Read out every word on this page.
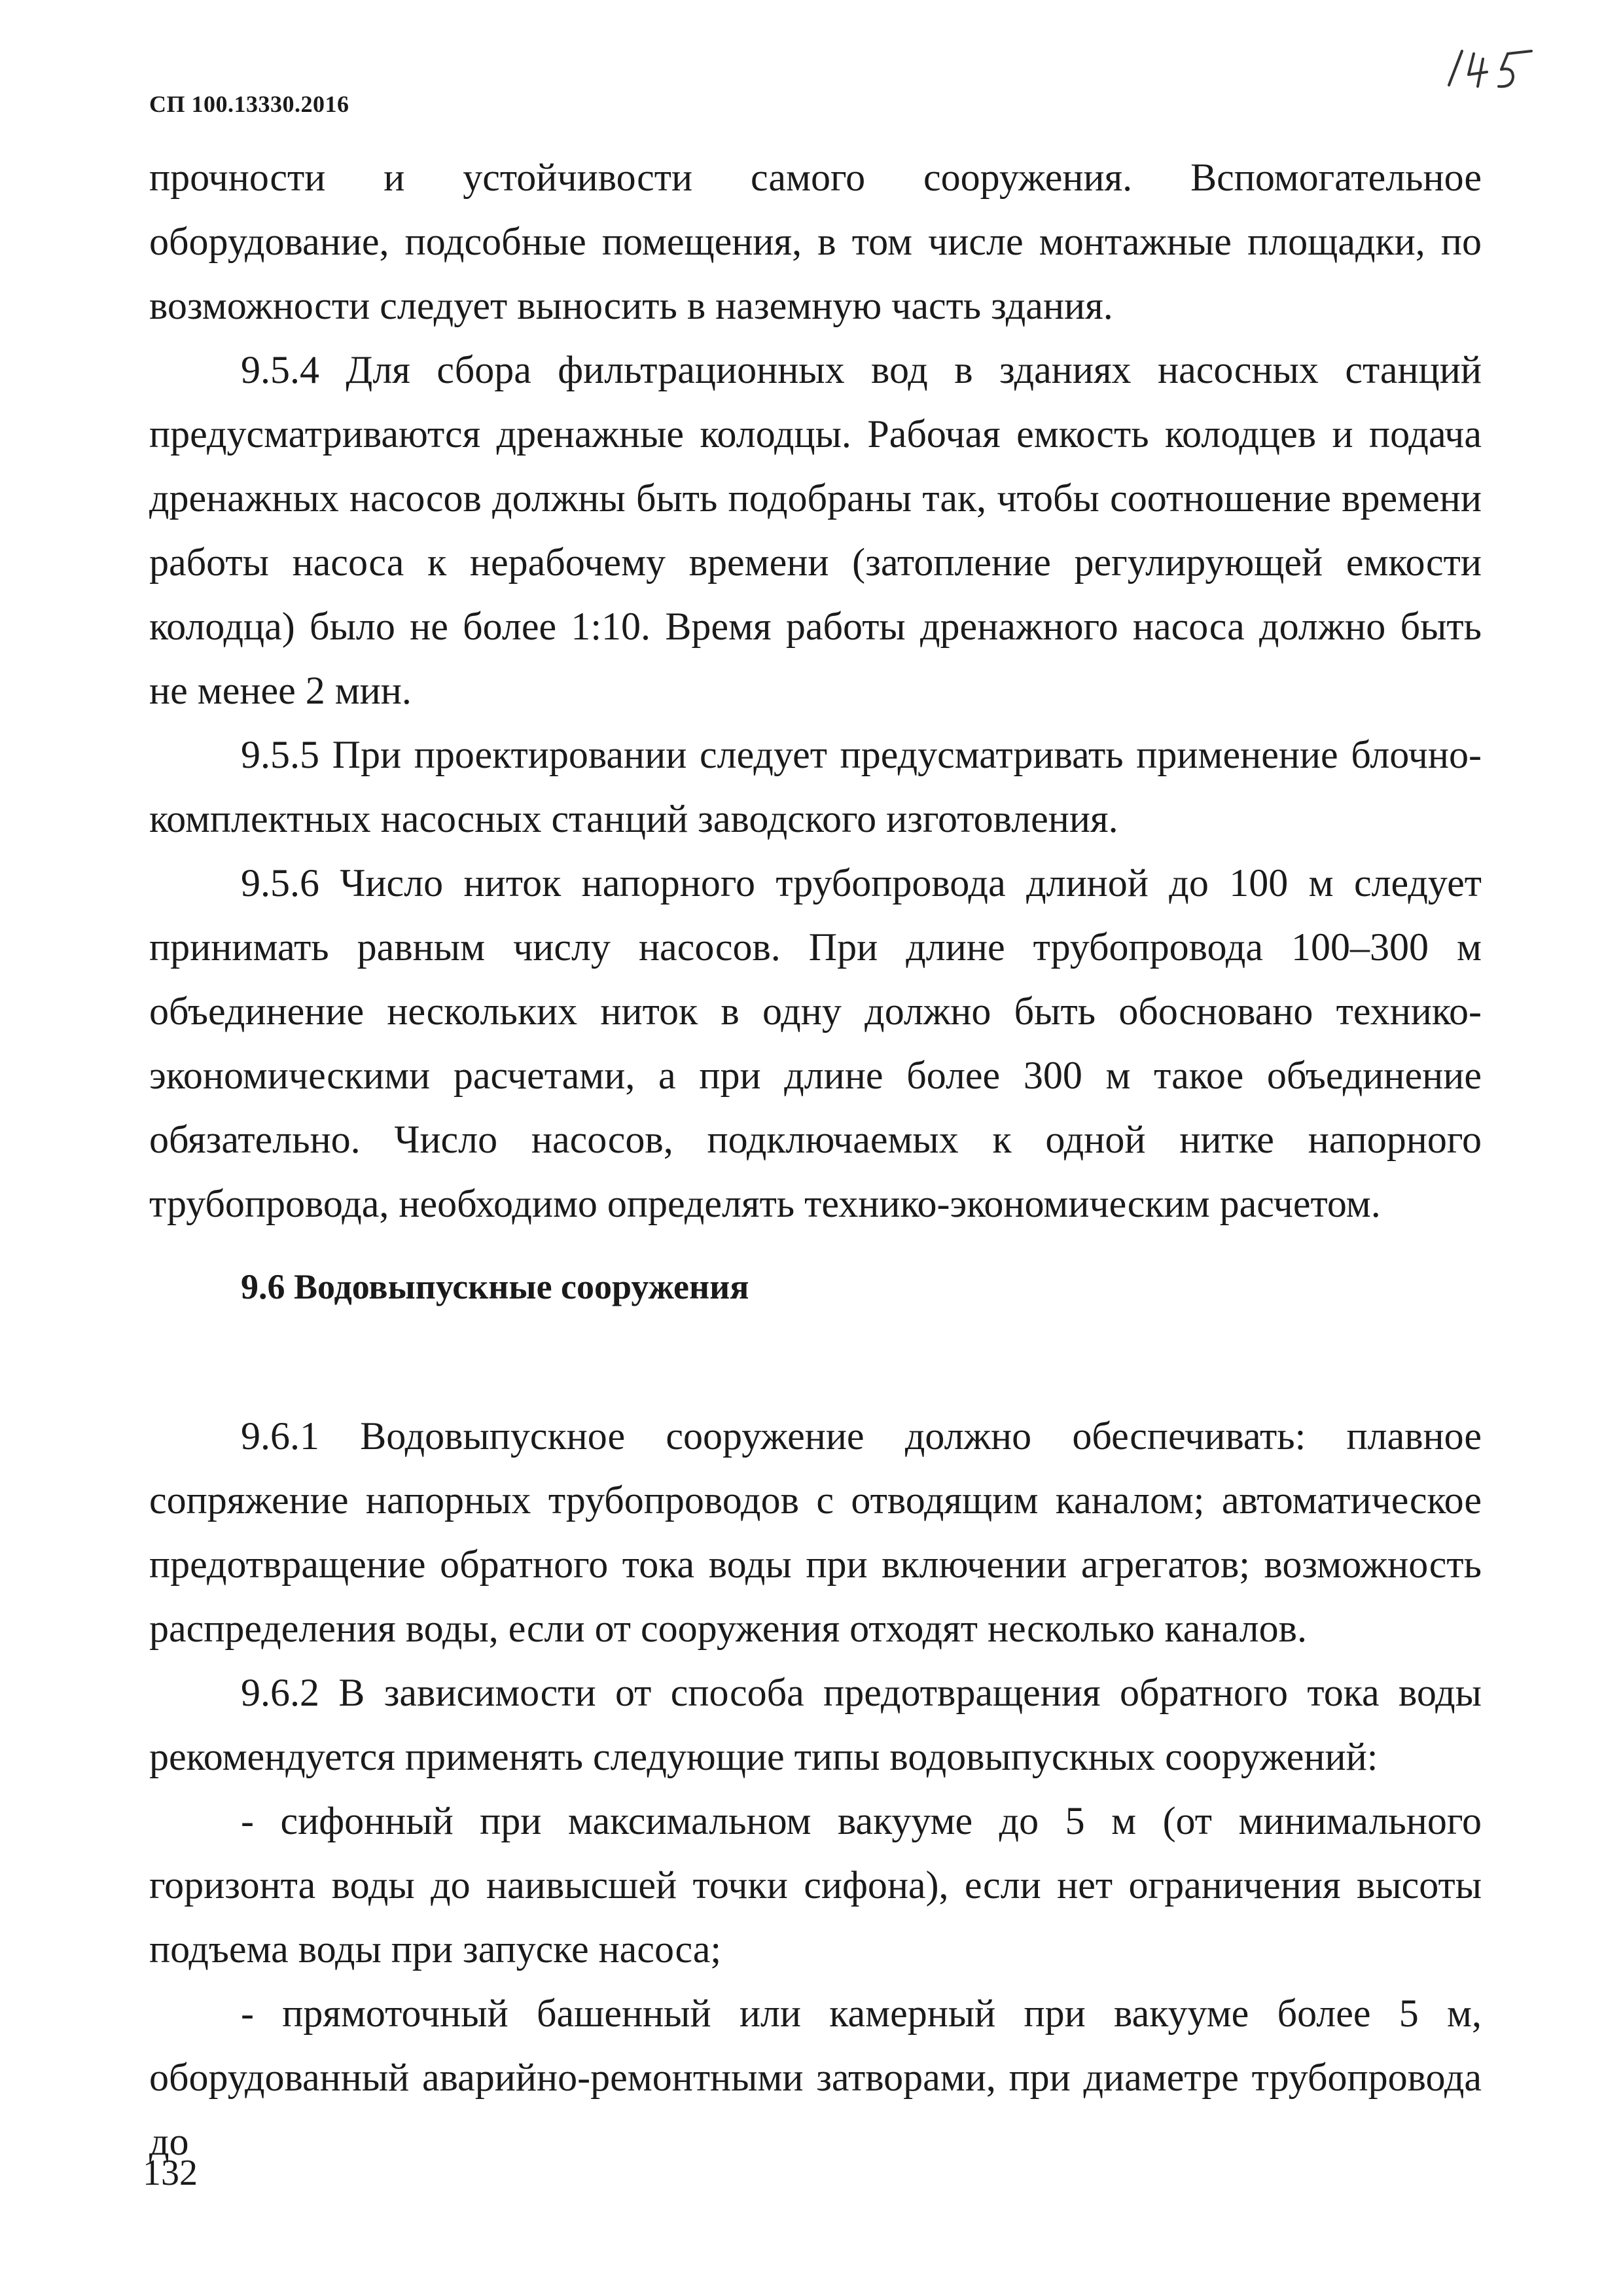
СП 100.13330.2016

прочности и устойчивости самого сооружения. Вспомогательное оборудование, подсобные помещения, в том числе монтажные площадки, по возможности следует выносить в наземную часть здания.

9.5.4 Для сбора фильтрационных вод в зданиях насосных станций предусматриваются дренажные колодцы. Рабочая емкость колодцев и подача дренажных насосов должны быть подобраны так, чтобы соотношение времени работы насоса к нерабочему времени (затопление регулирующей емкости колодца) было не более 1:10. Время работы дренажного насоса должно быть не менее 2 мин.

9.5.5 При проектировании следует предусматривать применение блочно-комплектных насосных станций заводского изготовления.

9.5.6 Число ниток напорного трубопровода длиной до 100 м следует принимать равным числу насосов. При длине трубопровода 100–300 м объединение нескольких ниток в одну должно быть обосновано технико-экономическими расчетами, а при длине более 300 м такое объединение обязательно. Число насосов, подключаемых к одной нитке напорного трубопровода, необходимо определять технико-экономическим расчетом.

9.6 Водовыпускные сооружения

9.6.1 Водовыпускное сооружение должно обеспечивать: плавное сопряжение напорных трубопроводов с отводящим каналом; автоматическое предотвращение обратного тока воды при включении агрегатов; возможность распределения воды, если от сооружения отходят несколько каналов.

9.6.2 В зависимости от способа предотвращения обратного тока воды рекомендуется применять следующие типы водовыпускных сооружений:

- сифонный при максимальном вакууме до 5 м (от минимального горизонта воды до наивысшей точки сифона), если нет ограничения высоты подъема воды при запуске насоса;

- прямоточный башенный или камерный при вакууме более 5 м, оборудованный аварийно-ремонтными затворами, при диаметре трубопровода до

132
